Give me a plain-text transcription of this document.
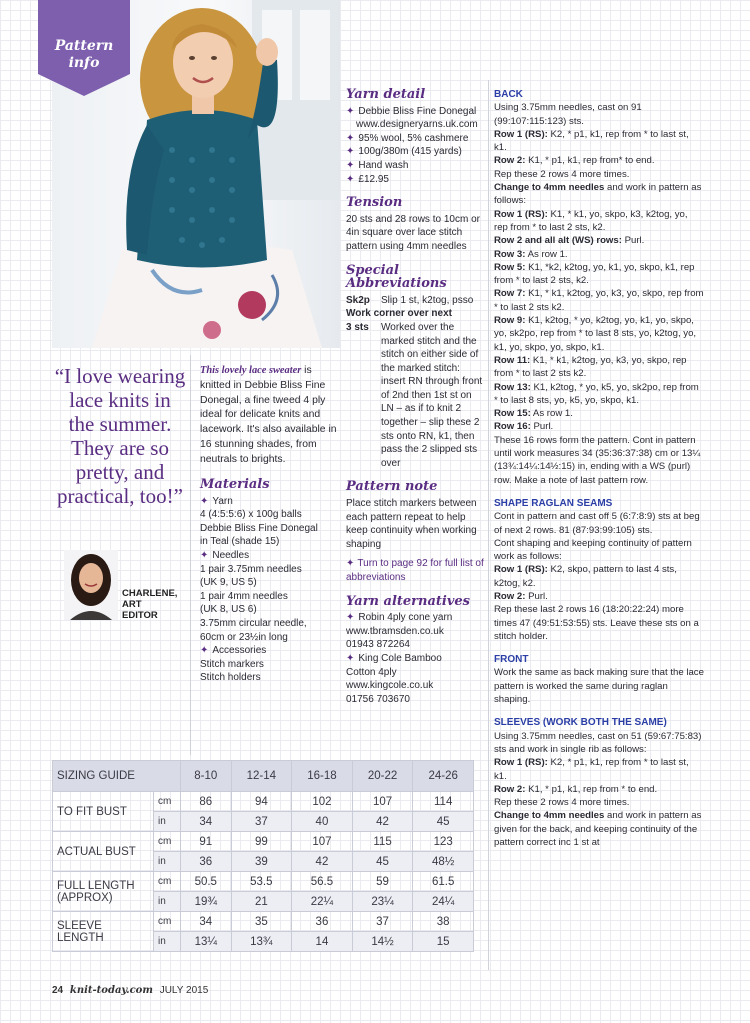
Pattern
info
“I love wearing lace knits in the summer. They are so pretty, and practical, too!”
CHARLENE,
ART
EDITOR
This lovely lace sweater is knitted in Debbie Bliss Fine Donegal, a fine tweed 4 ply ideal for delicate knits and lacework. It's also available in 16 stunning shades, from neutrals to brights.
Materials
✦ Yarn
4 (4:5:5:6) x 100g balls
Debbie Bliss Fine Donegal
in Teal (shade 15)
✦ Needles
1 pair 3.75mm needles
(UK 9, US 5)
1 pair 4mm needles
(UK 8, US 6)
3.75mm circular needle,
60cm or 23½in long
✦ Accessories
Stitch markers
Stitch holders
Yarn detail
✦ Debbie Bliss Fine Donegal
www.designeryarns.uk.com
✦ 95% wool, 5% cashmere
✦ 100g/380m (415 yards)
✦ Hand wash
✦ £12.95
Tension
20 sts and 28 rows to 10cm or 4in square over lace stitch pattern using 4mm needles
Special Abbreviations
Sk2p	Slip 1 st, k2tog, psso
Work corner over next
3 sts	Worked over the marked stitch and the stitch on either side of the marked stitch: insert RN through front of 2nd then 1st st on LN – as if to knit 2 together – slip these 2 sts onto RN, k1, then pass the 2 slipped sts over
Pattern note
Place stitch markers between each pattern repeat to help keep continuity when working shaping
✦ Turn to page 92 for full list of abbreviations
Yarn alternatives
✦ Robin 4ply cone yarn
www.tbramsden.co.uk
01943 872264
✦ King Cole Bamboo
Cotton 4ply
www.kingcole.co.uk
01756 703670
BACK
Using 3.75mm needles, cast on 91 (99:107:115:123) sts.
Row 1 (RS): K2, * p1, k1, rep from * to last st, k1.
Row 2: K1, * p1, k1, rep from* to end.
Rep these 2 rows 4 more times.
Change to 4mm needles and work in pattern as follows:
Row 1 (RS): K1, * k1, yo, skpo, k3, k2tog, yo, rep from * to last 2 sts, k2.
Row 2 and all alt (WS) rows: Purl.
Row 3: As row 1.
Row 5: K1, *k2, k2tog, yo, k1, yo, skpo, k1, rep from * to last 2 sts, k2.
Row 7: K1, * k1, k2tog, yo, k3, yo, skpo, rep from * to last 2 sts k2.
Row 9: K1, k2tog, * yo, k2tog, yo, k1, yo, skpo, yo, sk2po, rep from * to last 8 sts, yo, k2tog, yo, k1, yo, skpo, yo, skpo, k1.
Row 11: K1, * k1, k2tog, yo, k3, yo, skpo, rep from * to last 2 sts k2.
Row 13: K1, k2tog, * yo, k5, yo, sk2po, rep from * to last 8 sts, yo, k5, yo, skpo, k1.
Row 15: As row 1.
Row 16: Purl.
These 16 rows form the pattern. Cont in pattern until work measures 34 (35:36:37:38) cm or 13¼ (13¾:14¼:14½:15) in, ending with a WS (purl) row. Make a note of last pattern row.
SHAPE RAGLAN SEAMS
Cont in pattern and cast off 5 (6:7:8:9) sts at beg of next 2 rows. 81 (87:93:99:105) sts.
Cont shaping and keeping continuity of pattern work as follows:
Row 1 (RS): K2, skpo, pattern to last 4 sts, k2tog, k2.
Row 2: Purl.
Rep these last 2 rows 16 (18:20:22:24) more times 47 (49:51:53:55) sts. Leave these sts on a stitch holder.
FRONT
Work the same as back making sure that the lace pattern is worked the same during raglan shaping.
SLEEVES (WORK BOTH THE SAME)
Using 3.75mm needles, cast on 51 (59:67:75:83) sts and work in single rib as follows:
Row 1 (RS): K2, * p1, k1, rep from * to last st, k1.
Row 2: K1, * p1, k1, rep from * to end.
Rep these 2 rows 4 more times.
Change to 4mm needles and work in pattern as given for the back, and keeping continuity of the pattern correct inc 1 st at
SIZING GUIDE		8-10	12-14	16-18	20-22	24-26
TO FIT BUST	cm	86	94	102	107	114
	in	34	37	40	42	45
ACTUAL BUST	cm	91	99	107	115	123
	in	36	39	42	45	48½
FULL LENGTH (APPROX)	cm	50.5	53.5	56.5	59	61.5
	in	19¾	21	22¼	23¼	24¼
SLEEVE LENGTH	cm	34	35	36	37	38
	in	13¼	13¾	14	14½	15
24 knit-today.com JULY 2015
